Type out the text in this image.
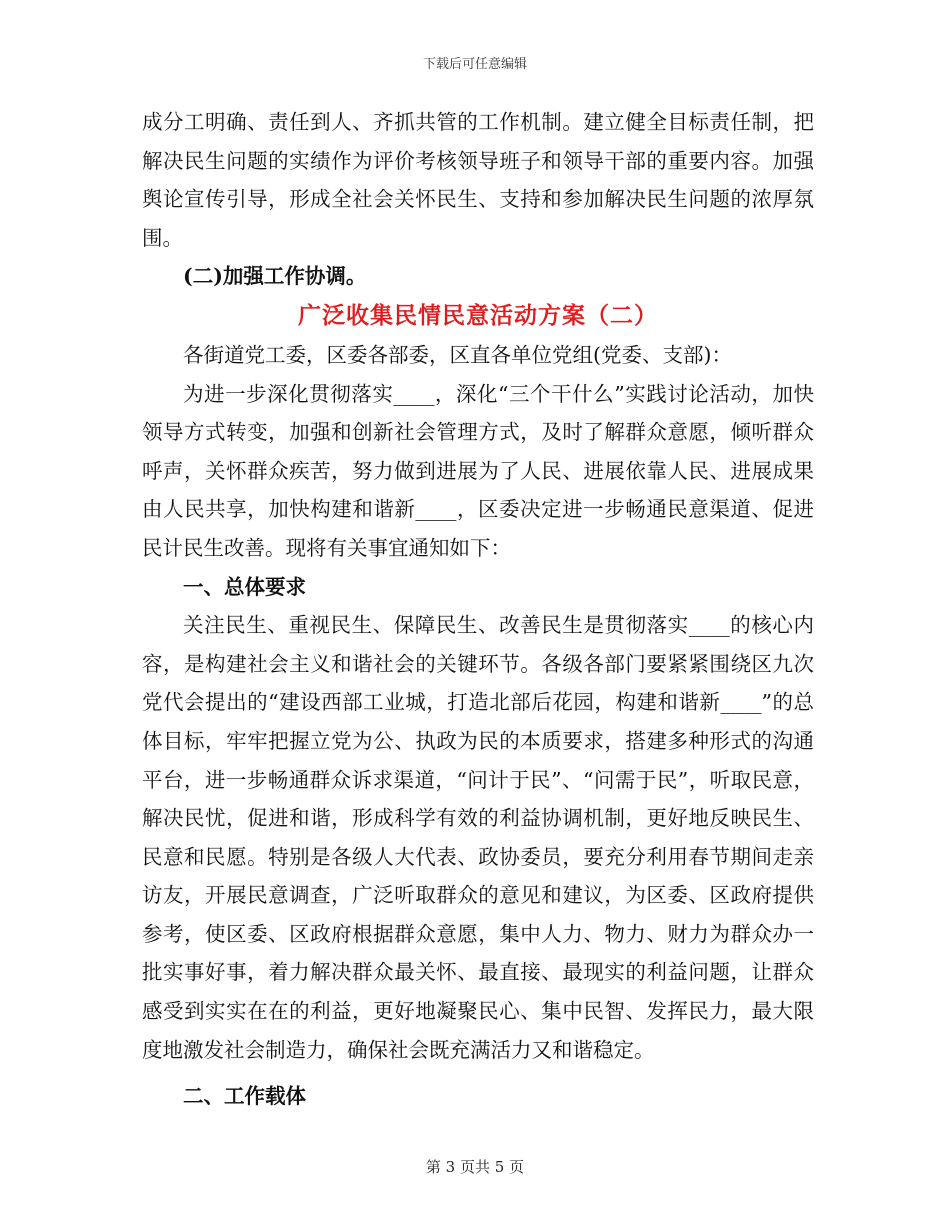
下载后可任意编辑
成分工明确、责任到人、齐抓共管的工作机制。建立健全目标责任制，把解决民生问题的实绩作为评价考核领导班子和领导干部的重要内容。加强舆论宣传引导，形成全社会关怀民生、支持和参加解决民生问题的浓厚氛围。
(二)加强工作协调。
广泛收集民情民意活动方案（二）
各街道党工委，区委各部委，区直各单位党组(党委、支部)：
为进一步深化贯彻落实____，深化“三个干什么”实践讨论活动，加快领导方式转变，加强和创新社会管理方式，及时了解群众意愿，倾听群众呼声，关怀群众疾苦，努力做到进展为了人民、进展依靠人民、进展成果由人民共享，加快构建和谐新____，区委决定进一步畅通民意渠道、促进民计民生改善。现将有关事宜通知如下：
一、总体要求
关注民生、重视民生、保障民生、改善民生是贯彻落实____的核心内容，是构建社会主义和谐社会的关键环节。各级各部门要紧紧围绕区九次党代会提出的“建设西部工业城，打造北部后花园，构建和谐新____”的总体目标，牢牢把握立党为公、执政为民的本质要求，搭建多种形式的沟通平台，进一步畅通群众诉求渠道，“问计于民”、“问需于民”，听取民意，解决民忧，促进和谐，形成科学有效的利益协调机制，更好地反映民生、民意和民愿。特别是各级人大代表、政协委员，要充分利用春节期间走亲访友，开展民意调查，广泛听取群众的意见和建议，为区委、区政府提供参考，使区委、区政府根据群众意愿，集中人力、物力、财力为群众办一批实事好事，着力解决群众最关怀、最直接、最现实的利益问题，让群众感受到实实在在的利益，更好地凝聚民心、集中民智、发挥民力，最大限度地激发社会制造力，确保社会既充满活力又和谐稳定。
二、工作载体
第 3 页共 5 页
